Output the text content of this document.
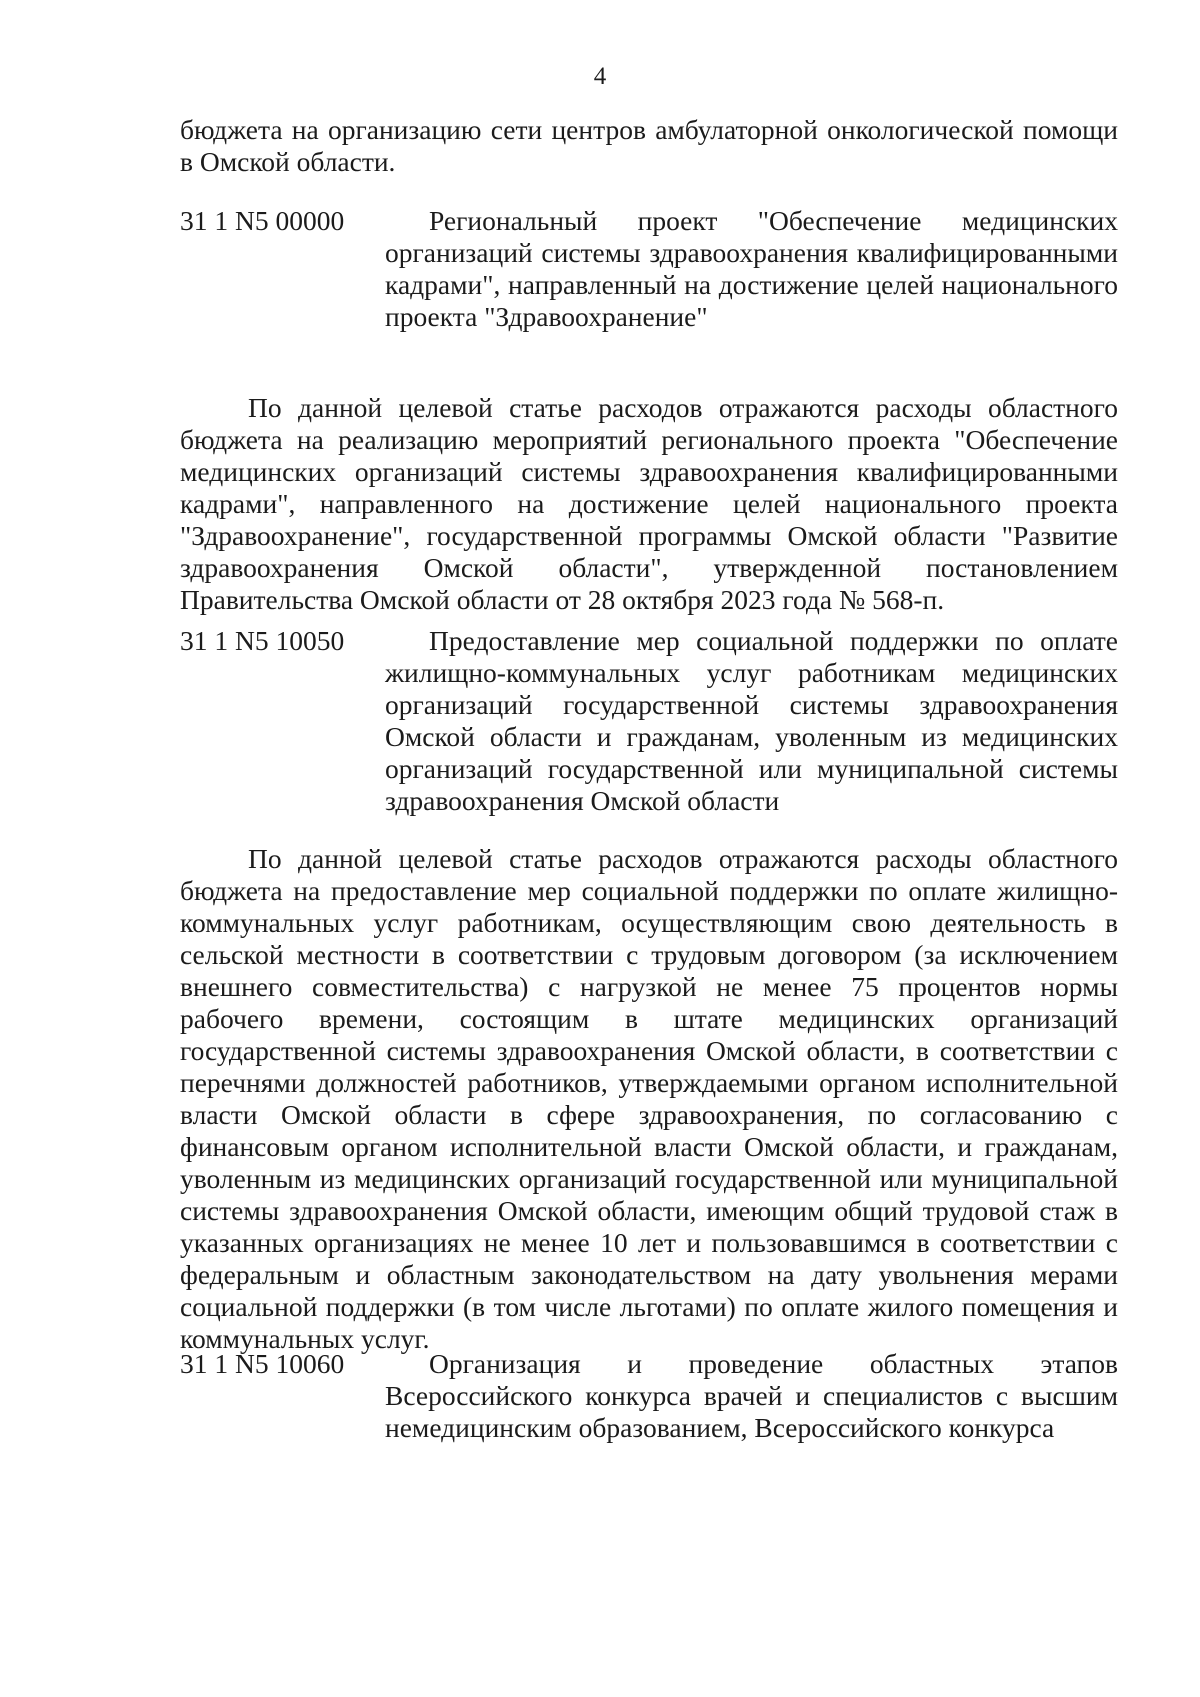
4

бюджета на организацию сети центров амбулаторной онкологической помощи в Омской области.

31 1 N5 00000	Региональный проект "Обеспечение медицинских организаций системы здравоохранения квалифицированными кадрами", направленный на достижение целей национального проекта "Здравоохранение"

По данной целевой статье расходов отражаются расходы областного бюджета на реализацию мероприятий регионального проекта "Обеспечение медицинских организаций системы здравоохранения квалифицированными кадрами", направленного на достижение целей национального проекта "Здравоохранение", государственной программы Омской области "Развитие здравоохранения Омской области", утвержденной постановлением Правительства Омской области от 28 октября 2023 года № 568-п.

31 1 N5 10050	Предоставление мер социальной поддержки по оплате жилищно-коммунальных услуг работникам медицинских организаций государственной системы здравоохранения Омской области и гражданам, уволенным из медицинских организаций государственной или муниципальной системы здравоохранения Омской области

По данной целевой статье расходов отражаются расходы областного бюджета на предоставление мер социальной поддержки по оплате жилищно-коммунальных услуг работникам, осуществляющим свою деятельность в сельской местности в соответствии с трудовым договором (за исключением внешнего совместительства) с нагрузкой не менее 75 процентов нормы рабочего времени, состоящим в штате медицинских организаций государственной системы здравоохранения Омской области, в соответствии с перечнями должностей работников, утверждаемыми органом исполнительной власти Омской области в сфере здравоохранения, по согласованию с финансовым органом исполнительной власти Омской области, и гражданам, уволенным из медицинских организаций государственной или муниципальной системы здравоохранения Омской области, имеющим общий трудовой стаж в указанных организациях не менее 10 лет и пользовавшимся в соответствии с федеральным и областным законодательством на дату увольнения мерами социальной поддержки (в том числе льготами) по оплате жилого помещения и коммунальных услуг.

31 1 N5 10060	Организация и проведение областных этапов Всероссийского конкурса врачей и специалистов с высшим немедицинским образованием, Всероссийского конкурса
